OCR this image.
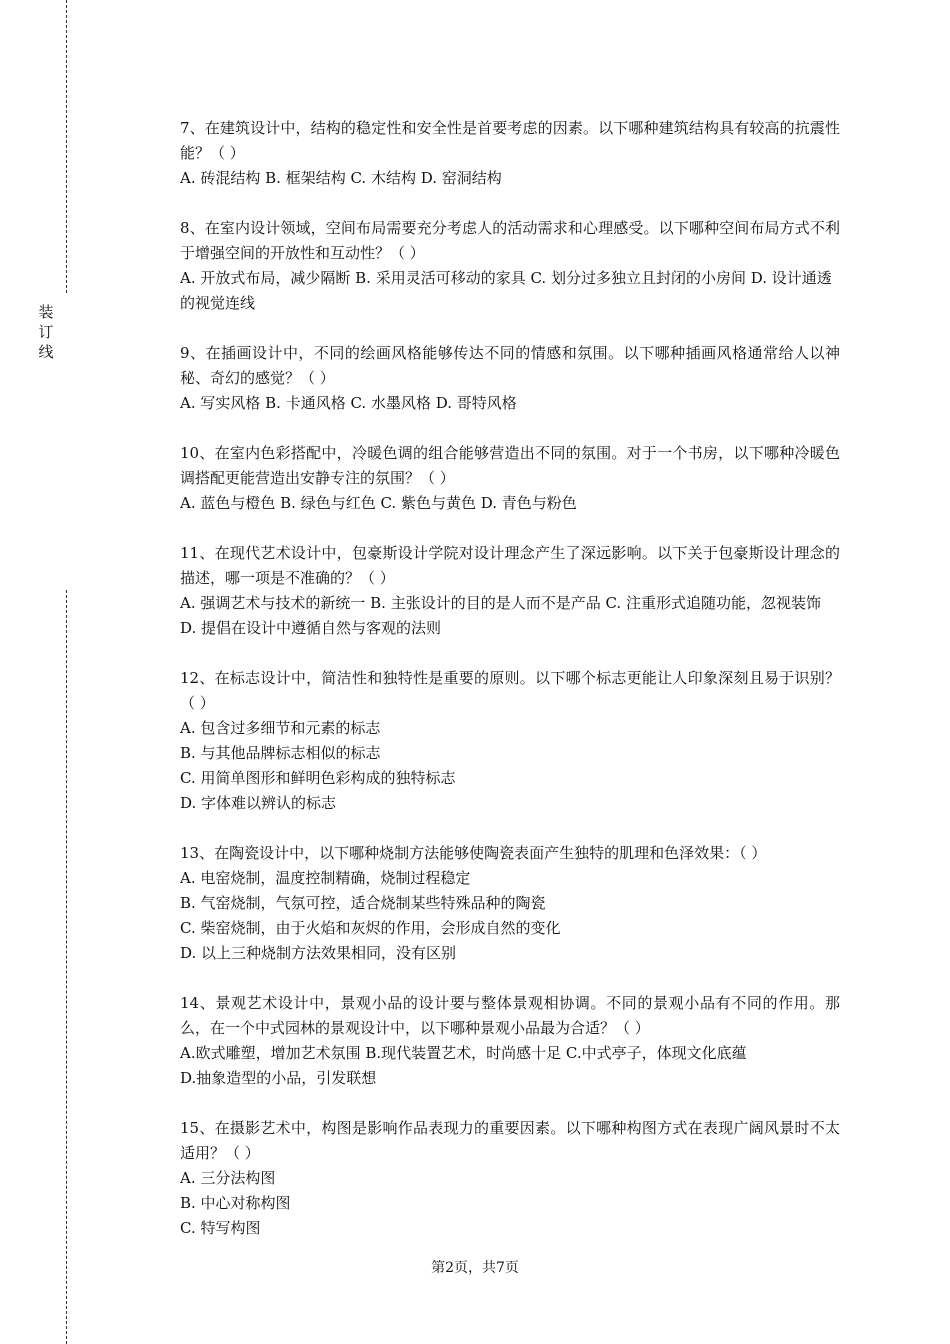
装
订
线

7、在建筑设计中，结构的稳定性和安全性是首要考虑的因素。以下哪种建筑结构具有较高的抗震性能？（ ）

A. 砖混结构 B. 框架结构 C. 木结构 D. 窑洞结构

8、在室内设计领域，空间布局需要充分考虑人的活动需求和心理感受。以下哪种空间布局方式不利于增强空间的开放性和互动性？（ ）

A. 开放式布局，减少隔断 B. 采用灵活可移动的家具 C. 划分过多独立且封闭的小房间 D. 设计通透的视觉连线

9、在插画设计中，不同的绘画风格能够传达不同的情感和氛围。以下哪种插画风格通常给人以神秘、奇幻的感觉？（ ）

A. 写实风格 B. 卡通风格 C. 水墨风格 D. 哥特风格

10、在室内色彩搭配中，冷暖色调的组合能够营造出不同的氛围。对于一个书房，以下哪种冷暖色调搭配更能营造出安静专注的氛围？（ ）

A. 蓝色与橙色 B. 绿色与红色 C. 紫色与黄色 D. 青色与粉色

11、在现代艺术设计中，包豪斯设计学院对设计理念产生了深远影响。以下关于包豪斯设计理念的描述，哪一项是不准确的？（ ）

A. 强调艺术与技术的新统一 B. 主张设计的目的是人而不是产品 C. 注重形式追随功能，忽视装饰 D. 提倡在设计中遵循自然与客观的法则

12、在标志设计中，简洁性和独特性是重要的原则。以下哪个标志更能让人印象深刻且易于识别？（ ）

A. 包含过多细节和元素的标志

B. 与其他品牌标志相似的标志

C. 用简单图形和鲜明色彩构成的独特标志

D. 字体难以辨认的标志

13、在陶瓷设计中，以下哪种烧制方法能够使陶瓷表面产生独特的肌理和色泽效果：（ ）

A. 电窑烧制，温度控制精确，烧制过程稳定

B. 气窑烧制，气氛可控，适合烧制某些特殊品种的陶瓷

C. 柴窑烧制，由于火焰和灰烬的作用，会形成自然的变化

D. 以上三种烧制方法效果相同，没有区别

14、景观艺术设计中，景观小品的设计要与整体景观相协调。不同的景观小品有不同的作用。那么，在一个中式园林的景观设计中，以下哪种景观小品最为合适？（ ）

A.欧式雕塑，增加艺术氛围 B.现代装置艺术，时尚感十足 C.中式亭子，体现文化底蕴

D.抽象造型的小品，引发联想

15、在摄影艺术中，构图是影响作品表现力的重要因素。以下哪种构图方式在表现广阔风景时不太适用？（ ）

A. 三分法构图

B. 中心对称构图

C. 特写构图

第2页，共7页
